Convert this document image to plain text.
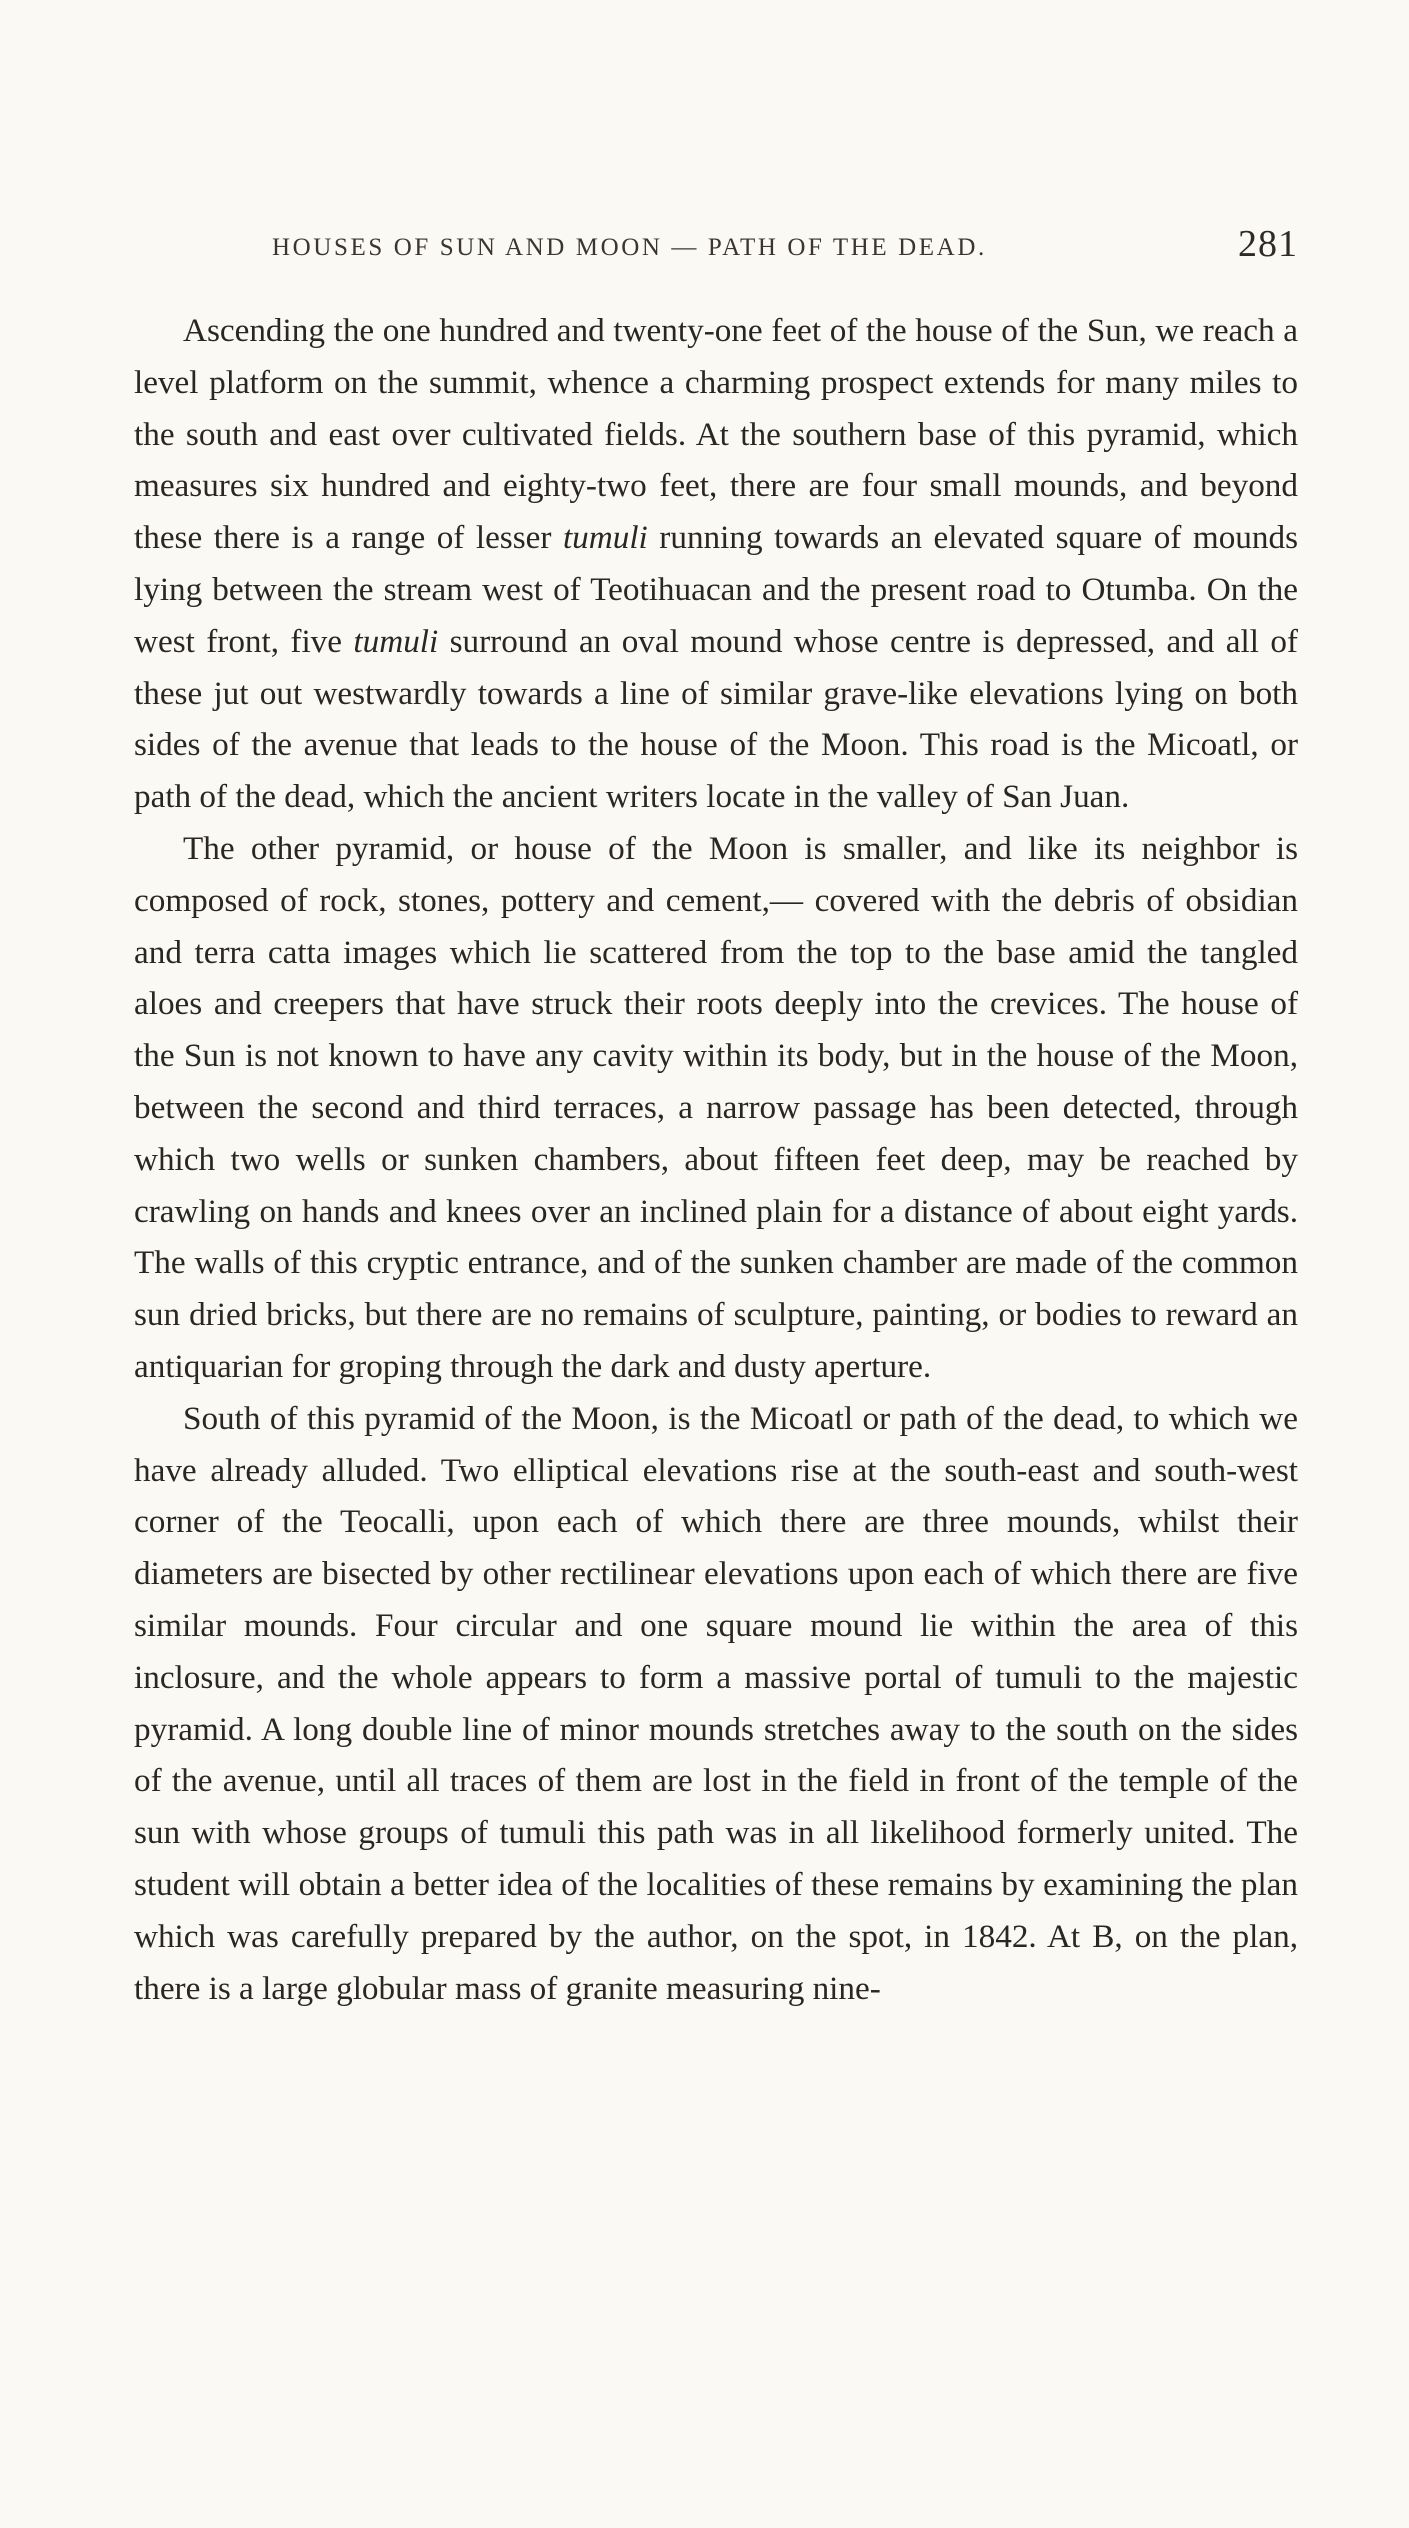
HOUSES OF SUN AND MOON — PATH OF THE DEAD.	281

Ascending the one hundred and twenty-one feet of the house of the Sun, we reach a level platform on the summit, whence a charming prospect extends for many miles to the south and east over cultivated fields. At the southern base of this pyramid, which measures six hundred and eighty-two feet, there are four small mounds, and beyond these there is a range of lesser tumuli running towards an elevated square of mounds lying between the stream west of Teotihuacan and the present road to Otumba. On the west front, five tumuli surround an oval mound whose centre is depressed, and all of these jut out westwardly towards a line of similar grave-like elevations lying on both sides of the avenue that leads to the house of the Moon. This road is the Micoatl, or path of the dead, which the ancient writers locate in the valley of San Juan.

The other pyramid, or house of the Moon is smaller, and like its neighbor is composed of rock, stones, pottery and cement,— covered with the debris of obsidian and terra catta images which lie scattered from the top to the base amid the tangled aloes and creepers that have struck their roots deeply into the crevices. The house of the Sun is not known to have any cavity within its body, but in the house of the Moon, between the second and third terraces, a narrow passage has been detected, through which two wells or sunken chambers, about fifteen feet deep, may be reached by crawling on hands and knees over an inclined plain for a distance of about eight yards. The walls of this cryptic entrance, and of the sunken chamber are made of the common sun dried bricks, but there are no remains of sculpture, painting, or bodies to reward an antiquarian for groping through the dark and dusty aperture.

South of this pyramid of the Moon, is the Micoatl or path of the dead, to which we have already alluded. Two elliptical elevations rise at the south-east and south-west corner of the Teocalli, upon each of which there are three mounds, whilst their diameters are bisected by other rectilinear elevations upon each of which there are five similar mounds. Four circular and one square mound lie within the area of this inclosure, and the whole appears to form a massive portal of tumuli to the majestic pyramid. A long double line of minor mounds stretches away to the south on the sides of the avenue, until all traces of them are lost in the field in front of the temple of the sun with whose groups of tumuli this path was in all likelihood formerly united. The student will obtain a better idea of the localities of these remains by examining the plan which was carefully prepared by the author, on the spot, in 1842. At B, on the plan, there is a large globular mass of granite measuring nine-
